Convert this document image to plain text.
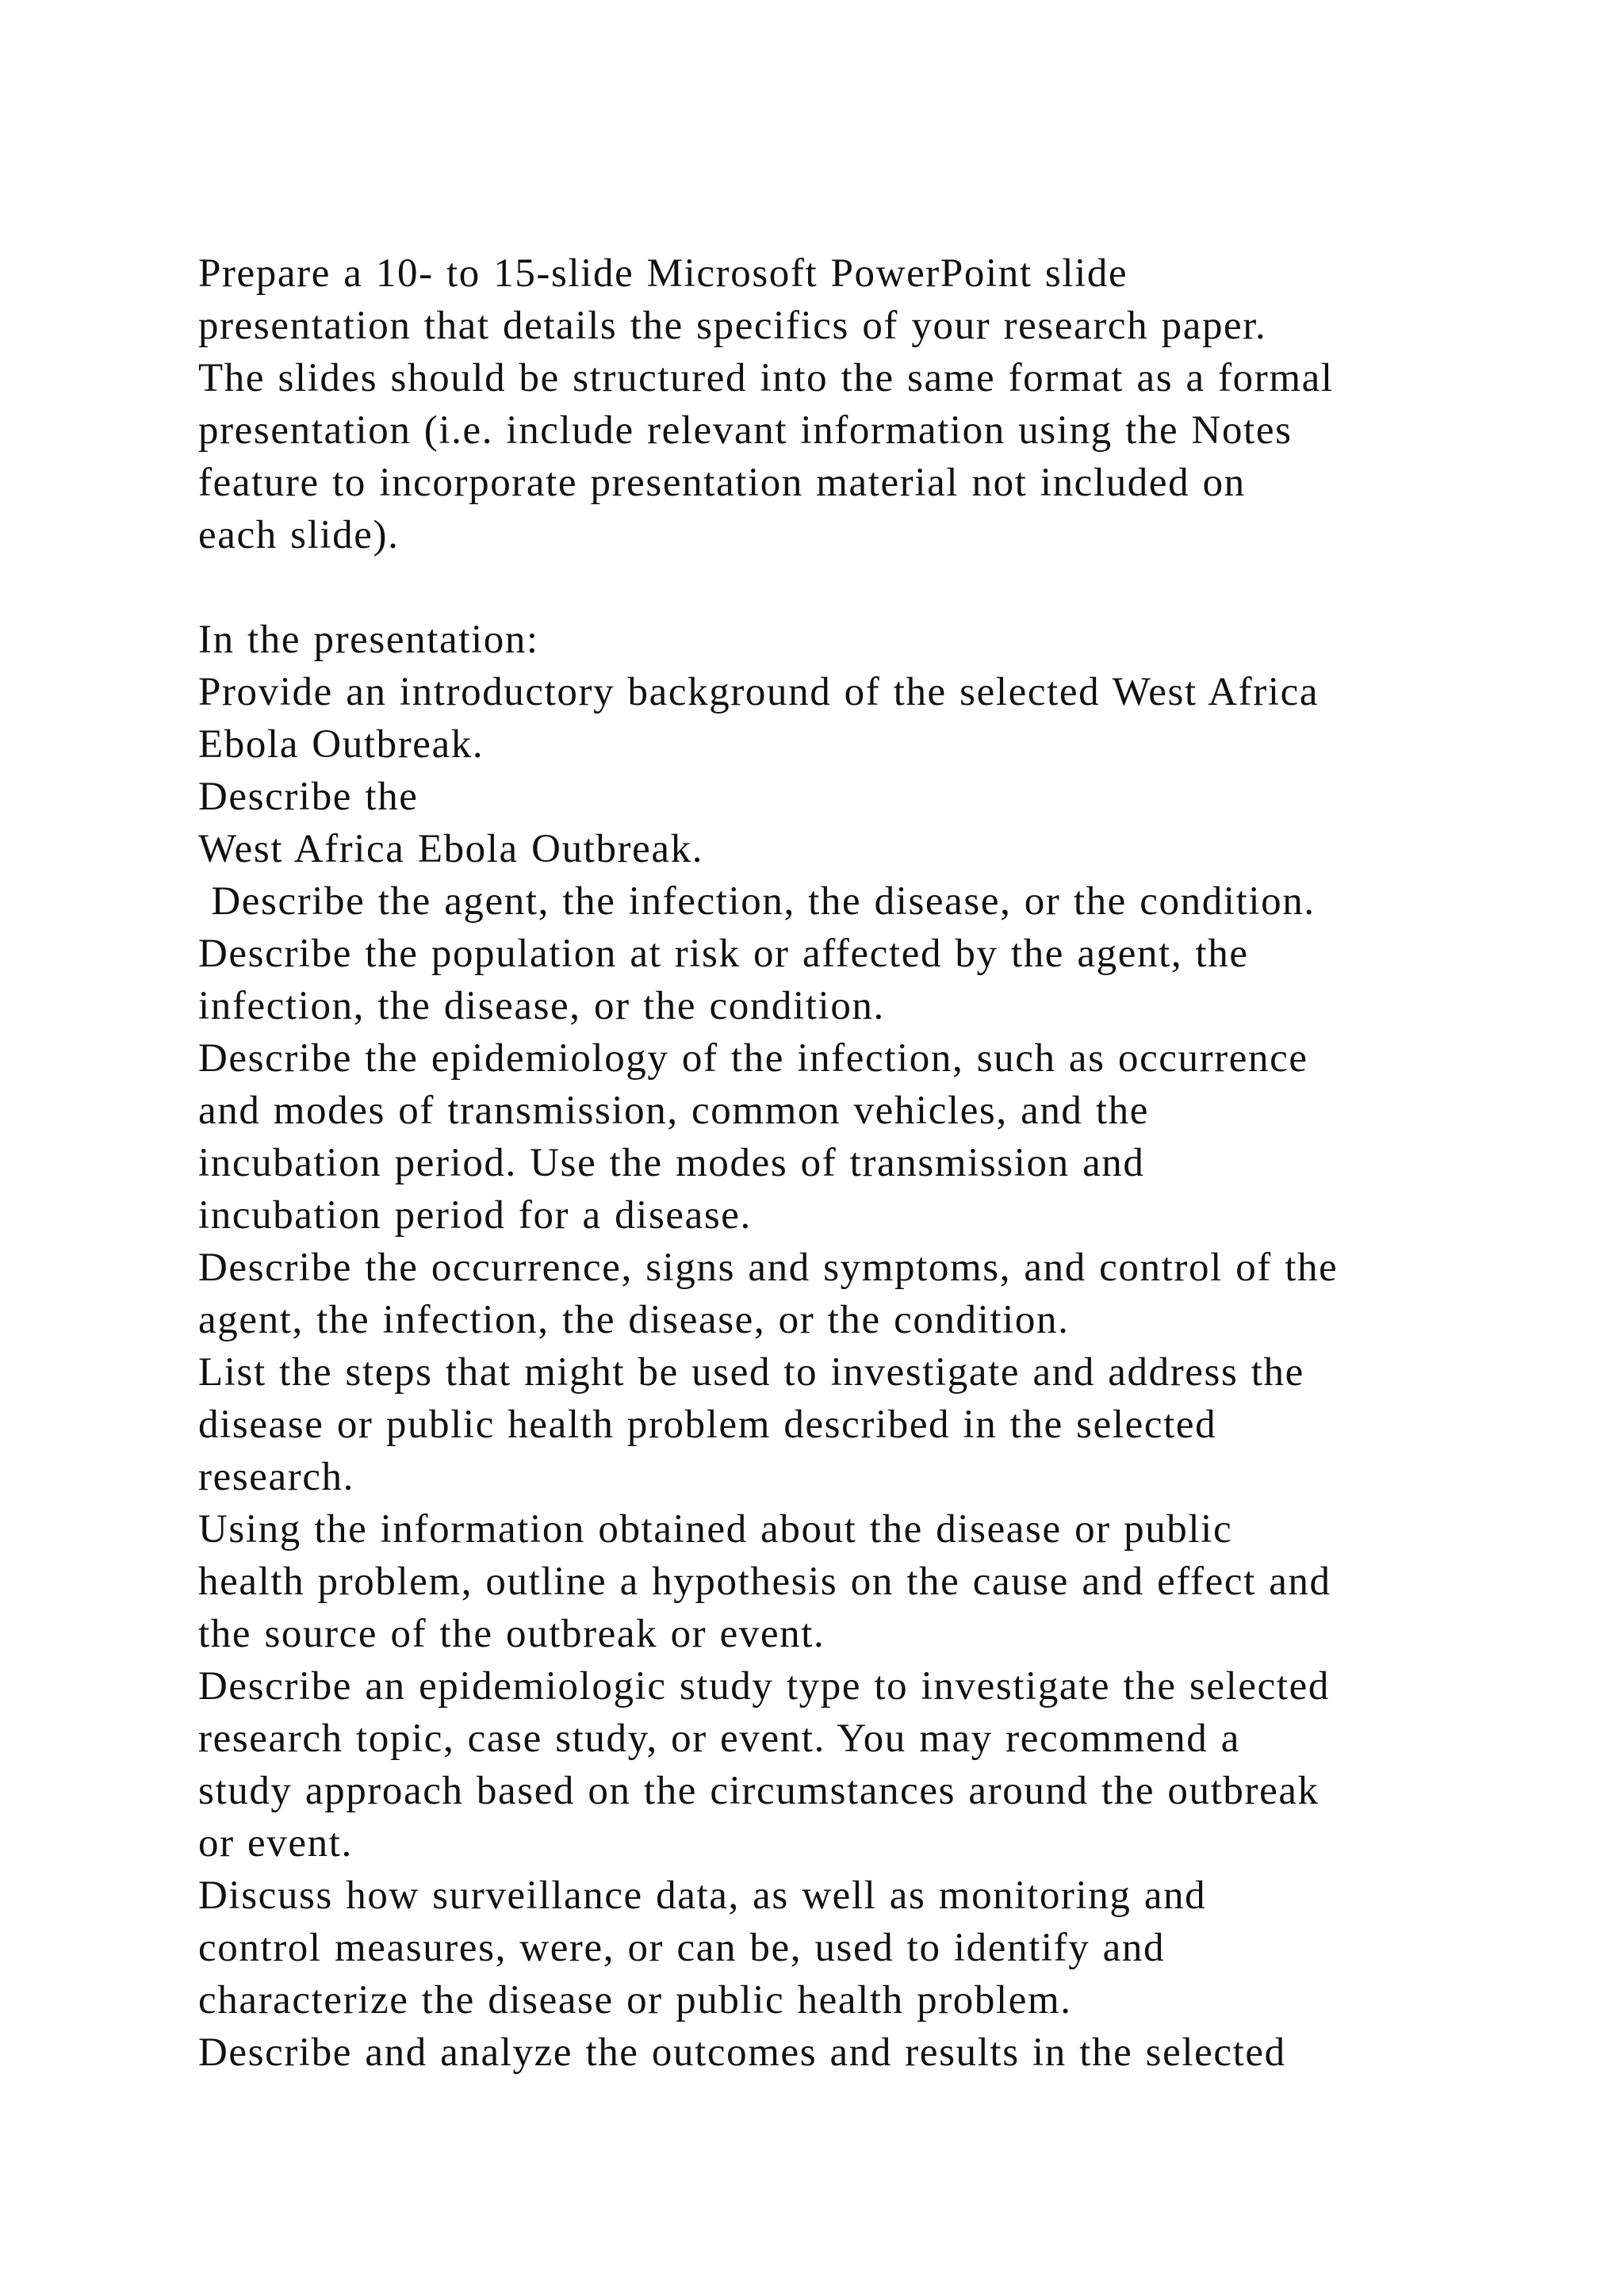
Prepare a 10- to 15-slide Microsoft PowerPoint slide
presentation that details the specifics of your research paper.
The slides should be structured into the same format as a formal
presentation (i.e. include relevant information using the Notes
feature to incorporate presentation material not included on
each slide).
In the presentation:
Provide an introductory background of the selected West Africa
Ebola Outbreak.
Describe the
West Africa Ebola Outbreak.
Describe the agent, the infection, the disease, or the condition.
Describe the population at risk or affected by the agent, the
infection, the disease, or the condition.
Describe the epidemiology of the infection, such as occurrence
and modes of transmission, common vehicles, and the
incubation period. Use the modes of transmission and
incubation period for a disease.
Describe the occurrence, signs and symptoms, and control of the
agent, the infection, the disease, or the condition.
List the steps that might be used to investigate and address the
disease or public health problem described in the selected
research.
Using the information obtained about the disease or public
health problem, outline a hypothesis on the cause and effect and
the source of the outbreak or event.
Describe an epidemiologic study type to investigate the selected
research topic, case study, or event. You may recommend a
study approach based on the circumstances around the outbreak
or event.
Discuss how surveillance data, as well as monitoring and
control measures, were, or can be, used to identify and
characterize the disease or public health problem.
Describe and analyze the outcomes and results in the selected
